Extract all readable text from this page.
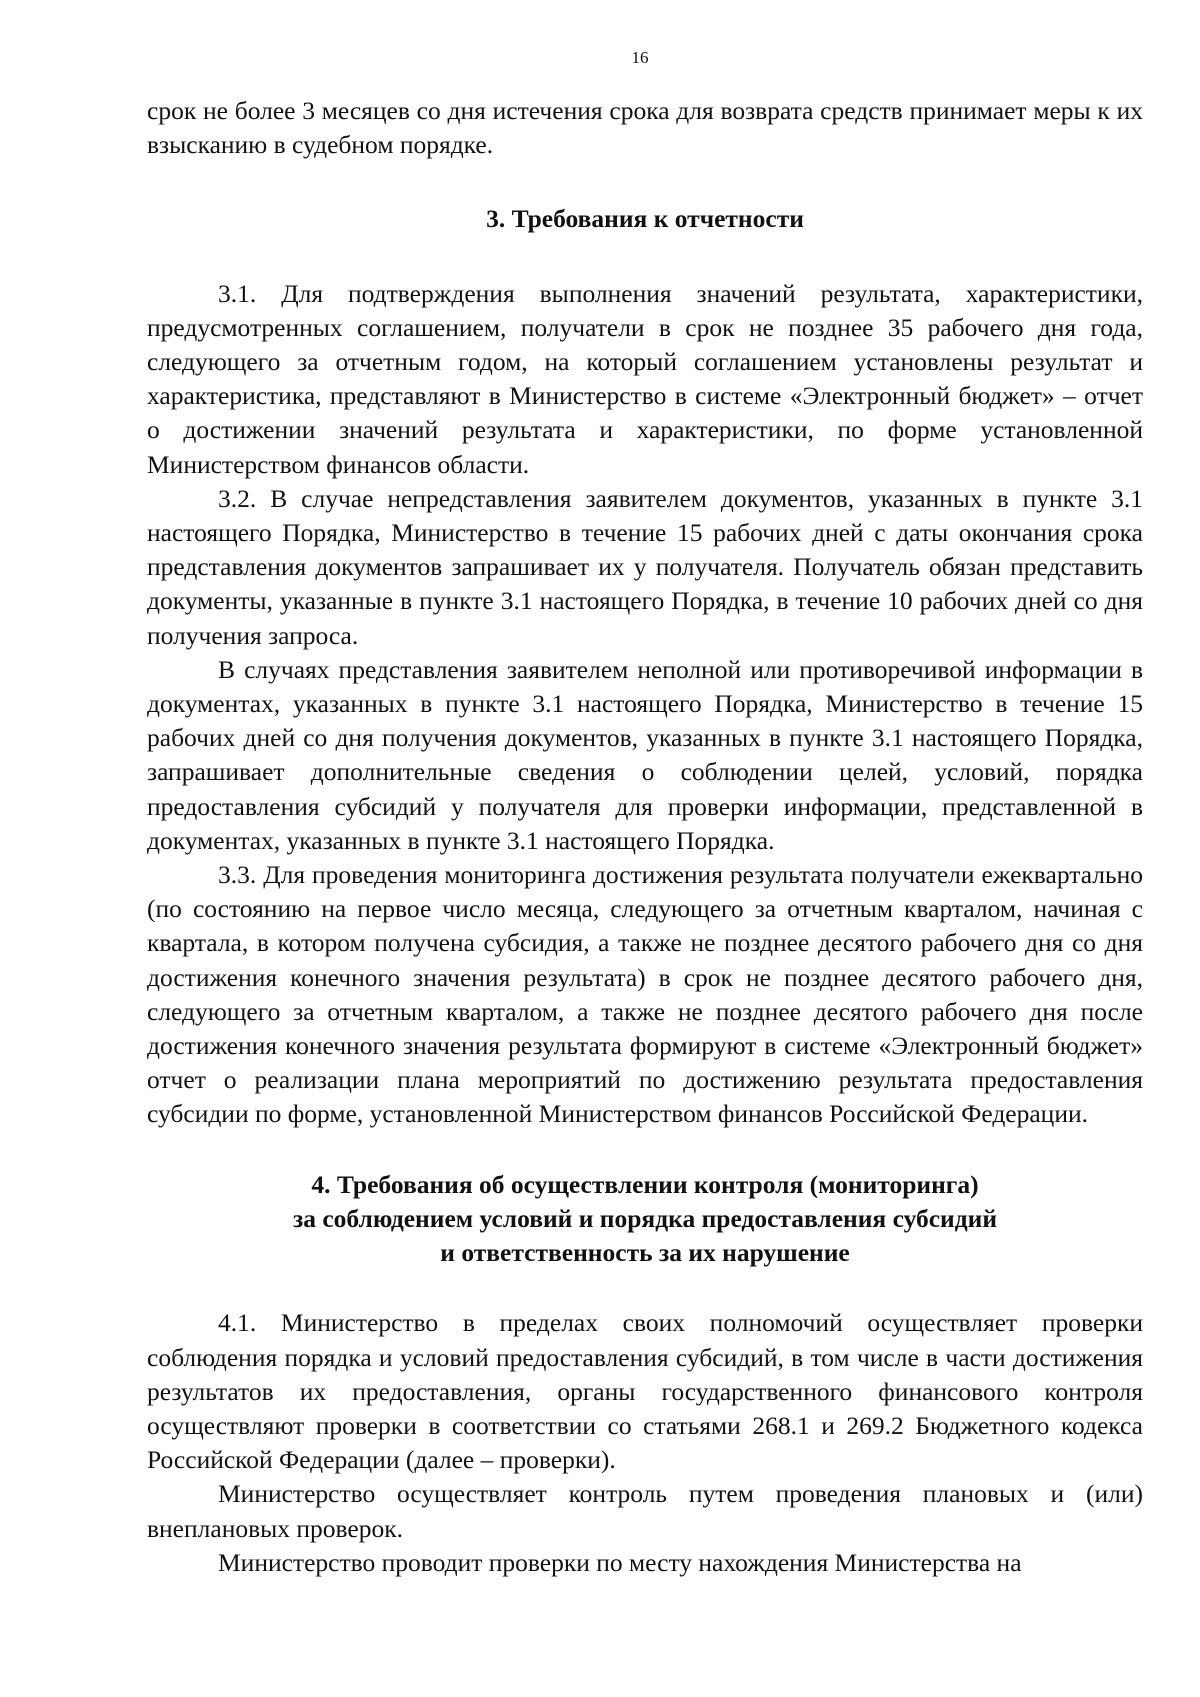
16

срок не более 3 месяцев со дня истечения срока для возврата средств принимает меры к их взысканию в судебном порядке.

3. Требования к отчетности

3.1. Для подтверждения выполнения значений результата, характеристики, предусмотренных соглашением, получатели в срок не позднее 35 рабочего дня года, следующего за отчетным годом, на который соглашением установлены результат и характеристика, представляют в Министерство в системе «Электронный бюджет» – отчет о достижении значений результата и характеристики, по форме установленной Министерством финансов области.

3.2. В случае непредставления заявителем документов, указанных в пункте 3.1 настоящего Порядка, Министерство в течение 15 рабочих дней с даты окончания срока представления документов запрашивает их у получателя. Получатель обязан представить документы, указанные в пункте 3.1 настоящего Порядка, в течение 10 рабочих дней со дня получения запроса.

В случаях представления заявителем неполной или противоречивой информации в документах, указанных в пункте 3.1 настоящего Порядка, Министерство в течение 15 рабочих дней со дня получения документов, указанных в пункте 3.1 настоящего Порядка, запрашивает дополнительные сведения о соблюдении целей, условий, порядка предоставления субсидий у получателя для проверки информации, представленной в документах, указанных в пункте 3.1 настоящего Порядка.

3.3. Для проведения мониторинга достижения результата получатели ежеквартально (по состоянию на первое число месяца, следующего за отчетным кварталом, начиная с квартала, в котором получена субсидия, а также не позднее десятого рабочего дня со дня достижения конечного значения результата) в срок не позднее десятого рабочего дня, следующего за отчетным кварталом, а также не позднее десятого рабочего дня после достижения конечного значения результата формируют в системе «Электронный бюджет» отчет о реализации плана мероприятий по достижению результата предоставления субсидии по форме, установленной Министерством финансов Российской Федерации.

4. Требования об осуществлении контроля (мониторинга)
за соблюдением условий и порядка предоставления субсидий
и ответственность за их нарушение

4.1. Министерство в пределах своих полномочий осуществляет проверки соблюдения порядка и условий предоставления субсидий, в том числе в части достижения результатов их предоставления, органы государственного финансового контроля осуществляют проверки в соответствии со статьями 268.1 и 269.2 Бюджетного кодекса Российской Федерации (далее – проверки).

Министерство осуществляет контроль путем проведения плановых и (или) внеплановых проверок.

Министерство проводит проверки по месту нахождения Министерства на
